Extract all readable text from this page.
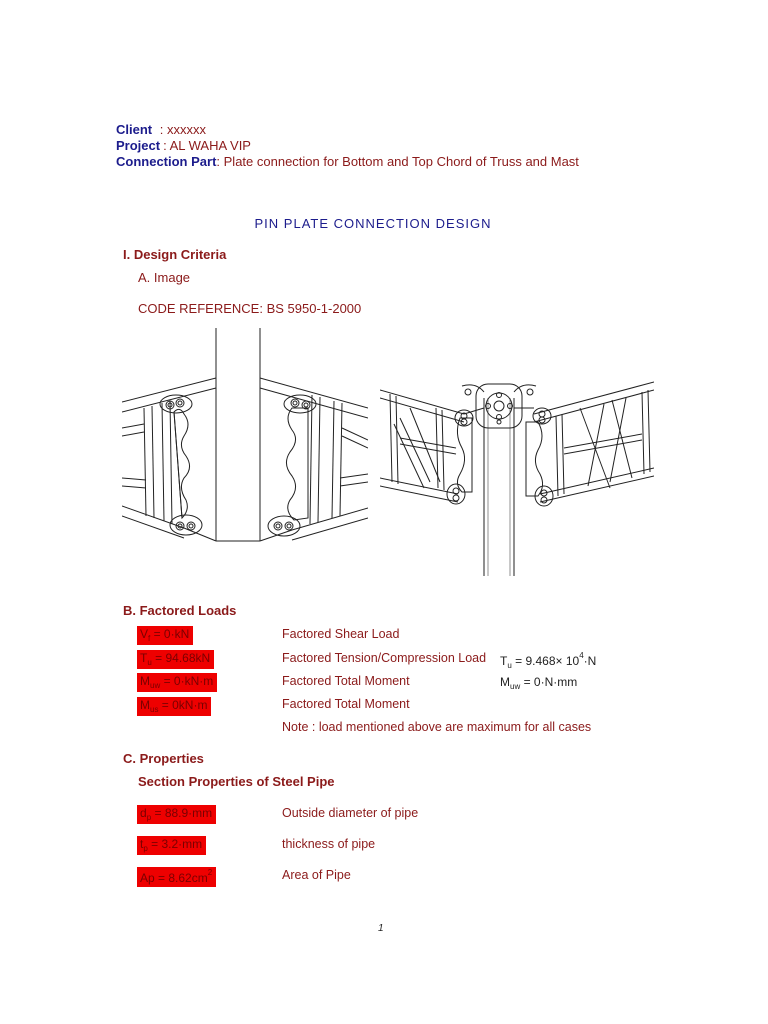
Client : xxxxxx
Project : AL WAHA VIP
Connection Part: Plate connection for Bottom and Top Chord of Truss and Mast
PIN PLATE CONNECTION DESIGN
I. Design Criteria
A. Image
CODE REFERENCE: BS 5950-1-2000
B. Factored Loads
$V_f = 0\cdot kN$
$T_u = 94.68kN$
$M_{uw} = 0\cdot kN\cdot m$
$M_{us} = 0kN\cdot m$
Factored Shear Load
Factored Tension/Compression Load
Factored Total Moment
Factored Total Moment
Note : load mentioned above are maximum for all cases
$T_u = 9.468\times 10^4\cdot N$
$M_{uw} = 0\cdot N\cdot mm$
C. Properties
Section Properties of Steel Pipe
$d_p = 88.9\cdot mm$
$t_p = 3.2\cdot mm$
$Ap = 8.62cm^2$
Outside diameter of pipe
thickness of pipe
Area of Pipe
1
